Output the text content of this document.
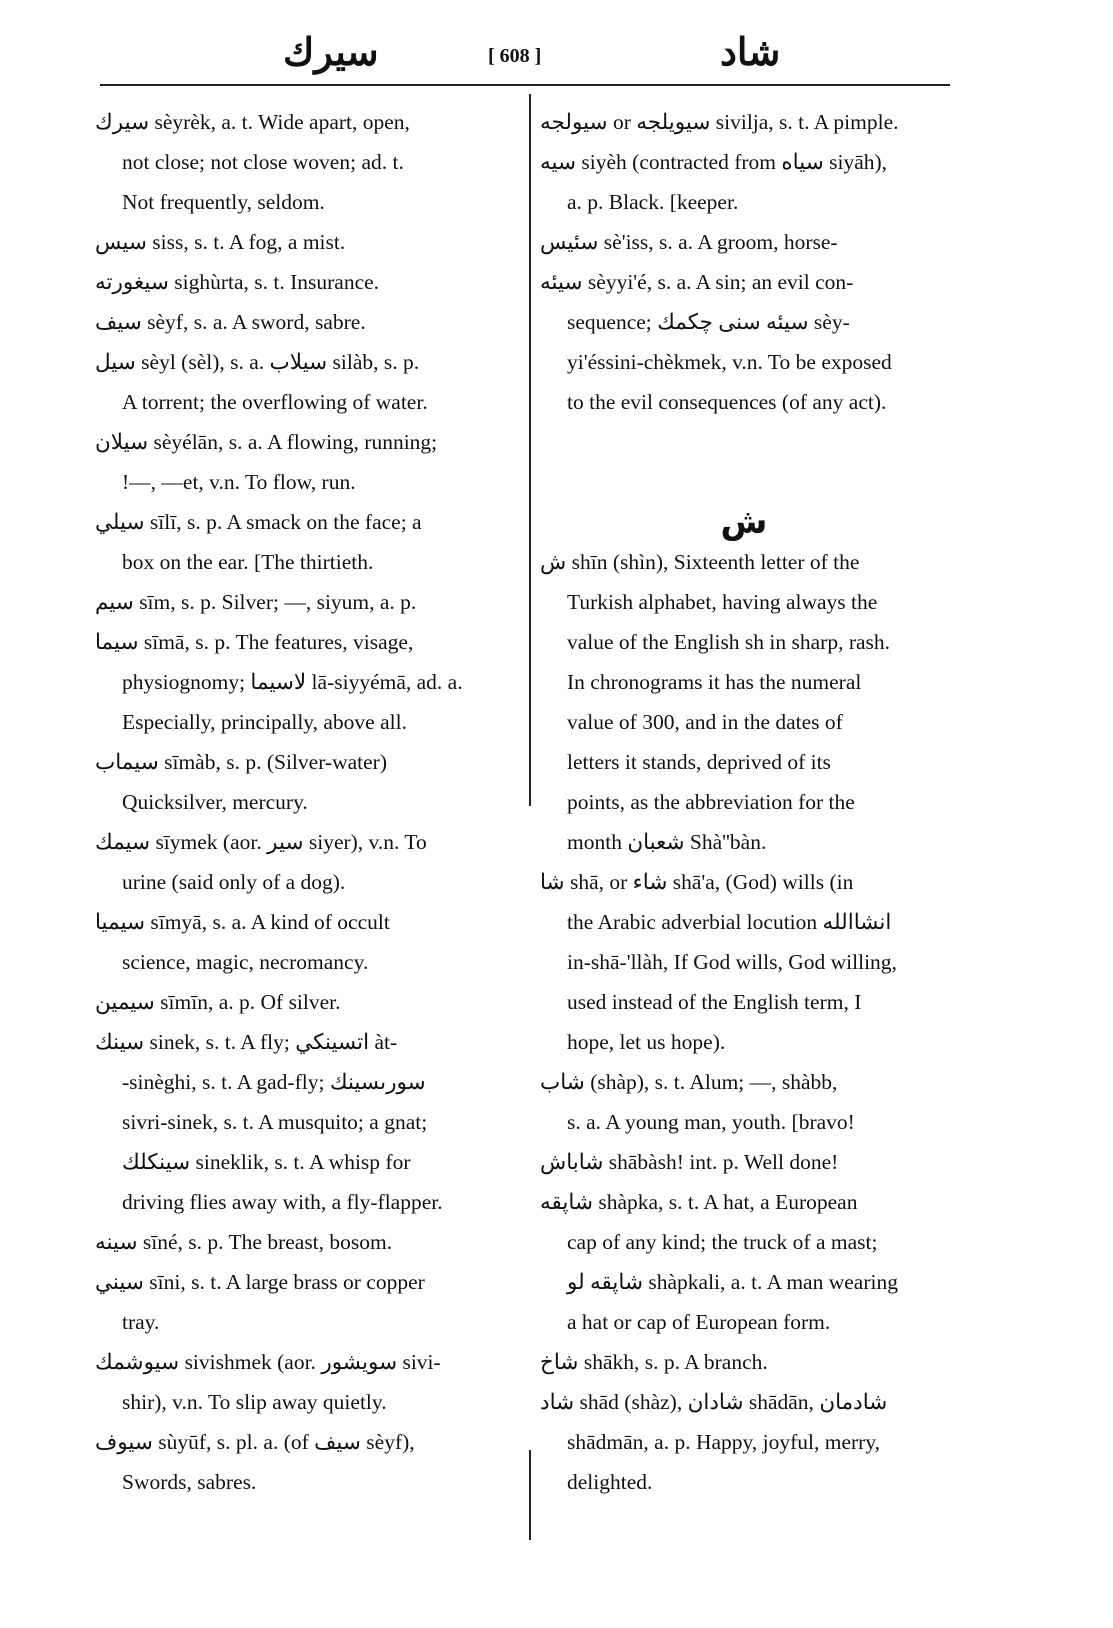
سيرك	[ 608 ]	شاد
سيرك sèyrèk, a. t. Wide apart, open,
not close; not close woven; ad. t.
Not frequently, seldom.
سيس siss, s. t. A fog, a mist.
سيغورته sighùrta, s. t. Insurance.
سيف sèyf, s. a. A sword, sabre.
سيل sèyl (sèl), s. a. سيلاب silàb, s. p.
A torrent; the overflowing of water.
سيلان sèyélān, s. a. A flowing, running;
!—, —et, v.n. To flow, run.
سيلي sīlī, s. p. A smack on the face; a
box on the ear. [The thirtieth.
سيم sīm, s. p. Silver; —, siyum, a. p.
سيما sīmā, s. p. The features, visage,
physiognomy; لاسيما lā-siyyémā, ad. a.
Especially, principally, above all.
سيماب sīmàb, s. p. (Silver-water)
Quicksilver, mercury.
سيمك sīymek (aor. سير siyer), v.n. To
urine (said only of a dog).
سيميا sīmyā, s. a. A kind of occult
science, magic, necromancy.
سيمين sīmīn, a. p. Of silver.
سينك sinek, s. t. A fly; اتسينكي àt-
-sinèghi, s. t. A gad-fly; سورىسينك
sivri-sinek, s. t. A musquito; a gnat;
سينكلك sineklik, s. t. A whisp for
driving flies away with, a fly-flapper.
سينه sīné, s. p. The breast, bosom.
سيني sīni, s. t. A large brass or copper
tray.
سيوشمك sivishmek (aor. سويشور sivi-
shir), v.n. To slip away quietly.
سيوف sùyūf, s. pl. a. (of سيف sèyf),
Swords, sabres.
سيولجه or سيويلجه sivilja, s. t. A pimple.
سيه siyèh (contracted from سياه siyāh),
a. p. Black. [keeper.
سئيس sè'iss, s. a. A groom, horse-
سيئه sèyyi'é, s. a. A sin; an evil con-
sequence; سيئه سنى چكمك sèy-
yi'éssini-chèkmek, v.n. To be exposed
to the evil consequences (of any act).
ش
ش shīn (shìn), Sixteenth letter of the
Turkish alphabet, having always the
value of the English sh in sharp, rash.
In chronograms it has the numeral
value of 300, and in the dates of
letters it stands, deprived of its
points, as the abbreviation for the
month شعبان Shà''bàn.
شا shā, or شاء shā'a, (God) wills (in
the Arabic adverbial locution انشاالله
in-shā-'llàh, If God wills, God willing,
used instead of the English term, I
hope, let us hope).
شاب (shàp), s. t. Alum; —, shàbb,
s. a. A young man, youth. [bravo!
شاباش shābàsh! int. p. Well done!
شاپقه shàpka, s. t. A hat, a European
cap of any kind; the truck of a mast;
شاپقه لو shàpkali, a. t. A man wearing
a hat or cap of European form.
شاخ shākh, s. p. A branch.
شاد shād (shàz), شادان shādān, شادمان
shādmān, a. p. Happy, joyful, merry,
delighted.
